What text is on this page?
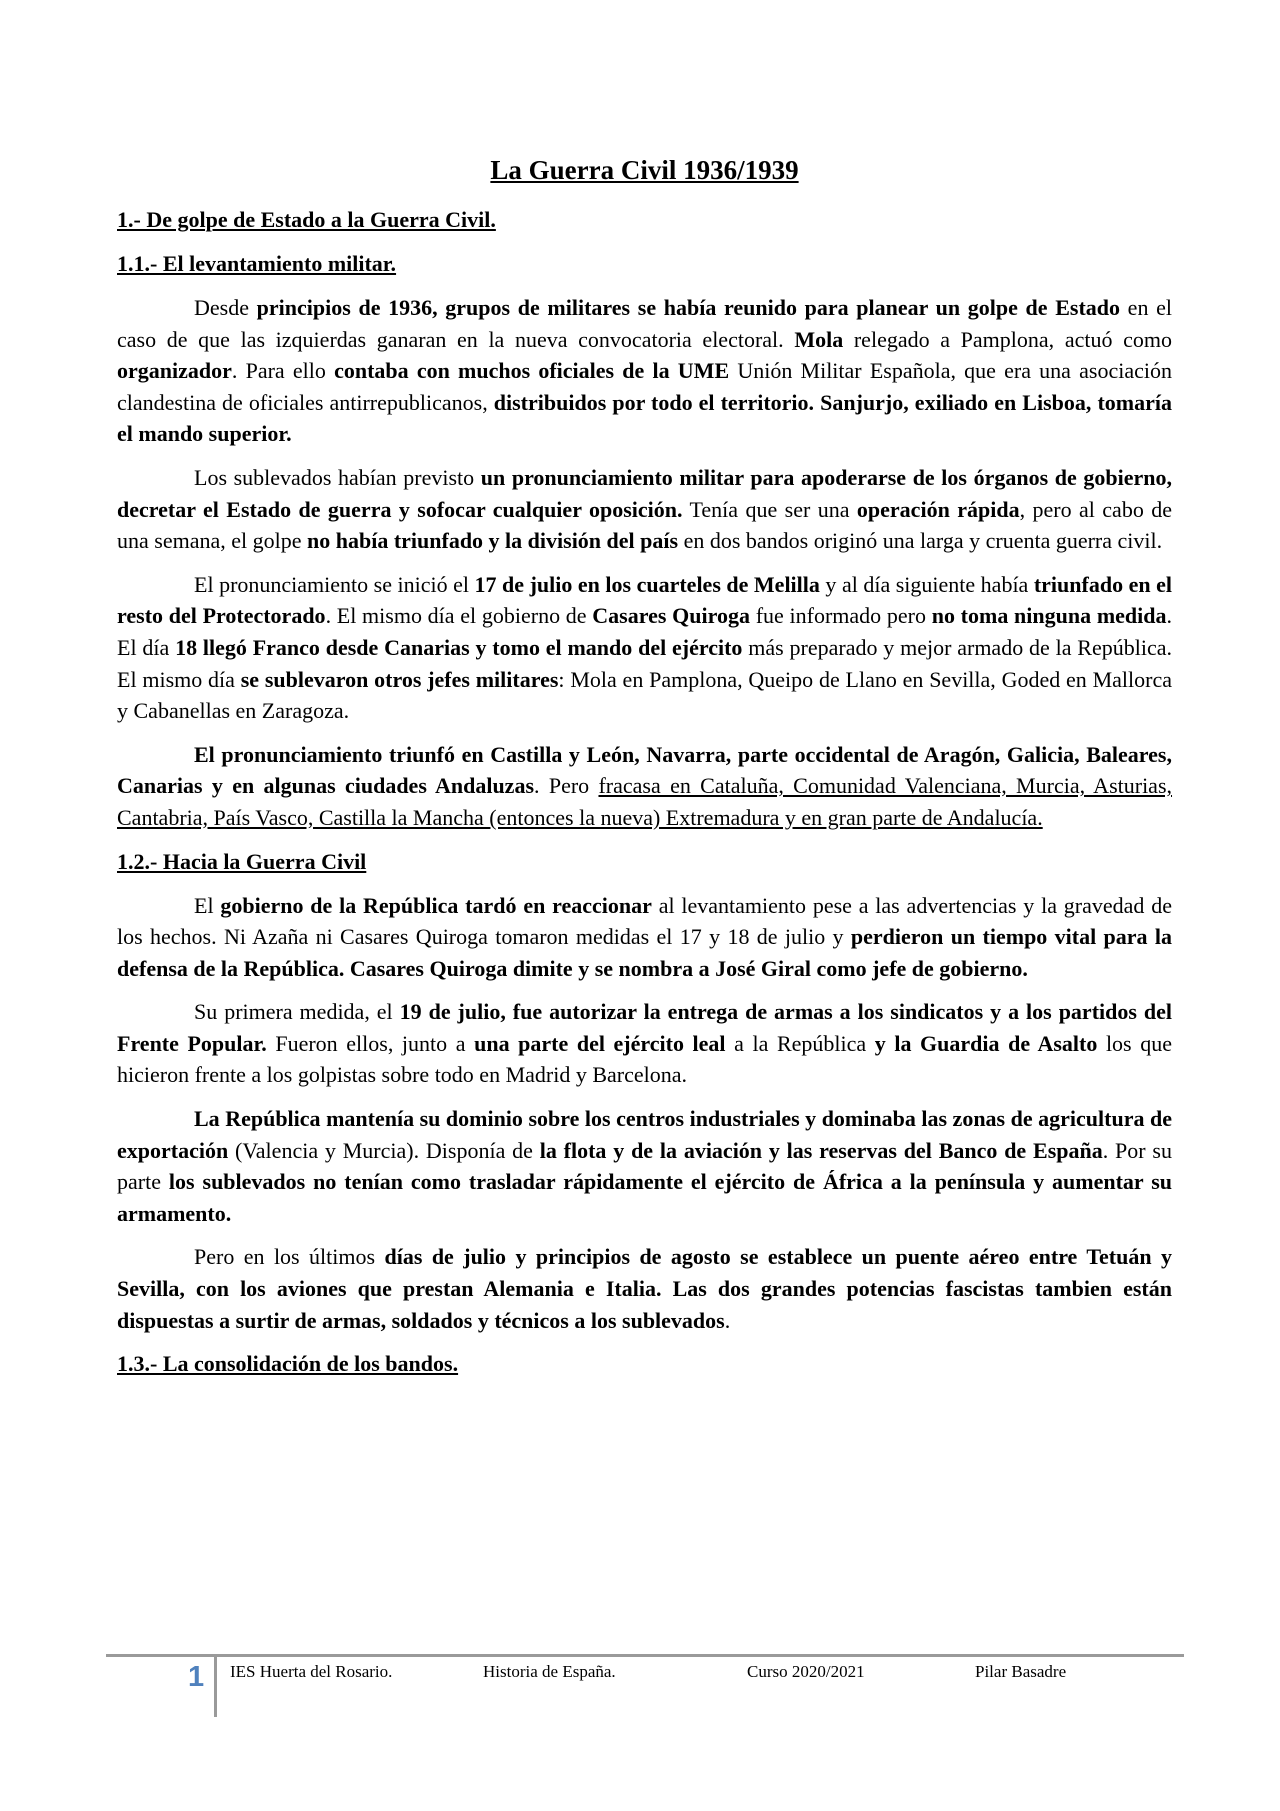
La Guerra Civil 1936/1939
1.- De golpe de Estado a la Guerra Civil.
1.1.- El levantamiento militar.

Desde principios de 1936, grupos de militares se había reunido para planear un golpe de Estado en el caso de que las izquierdas ganaran en la nueva convocatoria electoral. Mola relegado a Pamplona, actuó como organizador. Para ello contaba con muchos oficiales de la UME Unión Militar Española, que era una asociación clandestina de oficiales antirrepublicanos, distribuidos por todo el territorio. Sanjurjo, exiliado en Lisboa, tomaría el mando superior.

Los sublevados habían previsto un pronunciamiento militar para apoderarse de los órganos de gobierno, decretar el Estado de guerra y sofocar cualquier oposición. Tenía que ser una operación rápida, pero al cabo de una semana, el golpe no había triunfado y la división del país en dos bandos originó una larga y cruenta guerra civil.

El pronunciamiento se inició el 17 de julio en los cuarteles de Melilla y al día siguiente había triunfado en el resto del Protectorado. El mismo día el gobierno de Casares Quiroga fue informado pero no toma ninguna medida. El día 18 llegó Franco desde Canarias y tomo el mando del ejército más preparado y mejor armado de la República. El mismo día se sublevaron otros jefes militares: Mola en Pamplona, Queipo de Llano en Sevilla, Goded en Mallorca y Cabanellas en Zaragoza.

El pronunciamiento triunfó en Castilla y León, Navarra, parte occidental de Aragón, Galicia, Baleares, Canarias y en algunas ciudades Andaluzas. Pero fracasa en Cataluña, Comunidad Valenciana, Murcia, Asturias, Cantabria, País Vasco, Castilla la Mancha (entonces la nueva) Extremadura y en gran parte de Andalucía.

1.2.- Hacia la Guerra Civil

El gobierno de la República tardó en reaccionar al levantamiento pese a las advertencias y la gravedad de los hechos. Ni Azaña ni Casares Quiroga tomaron medidas el 17 y 18 de julio y perdieron un tiempo vital para la defensa de la República. Casares Quiroga dimite y se nombra a José Giral como jefe de gobierno.

Su primera medida, el 19 de julio, fue autorizar la entrega de armas a los sindicatos y a los partidos del Frente Popular. Fueron ellos, junto a una parte del ejército leal a la República y la Guardia de Asalto los que hicieron frente a los golpistas sobre todo en Madrid y Barcelona.

La República mantenía su dominio sobre los centros industriales y dominaba las zonas de agricultura de exportación (Valencia y Murcia). Disponía de la flota y de la aviación y las reservas del Banco de España. Por su parte los sublevados no tenían como trasladar rápidamente el ejército de África a la península y aumentar su armamento.

Pero en los últimos días de julio y principios de agosto se establece un puente aéreo entre Tetuán y Sevilla, con los aviones que prestan Alemania e Italia. Las dos grandes potencias fascistas tambien están dispuestas a surtir de armas, soldados y técnicos a los sublevados.

1.3.- La consolidación de los bandos.
1 IES Huerta del Rosario.	Historia de España.	Curso 2020/2021	Pilar Basadre
